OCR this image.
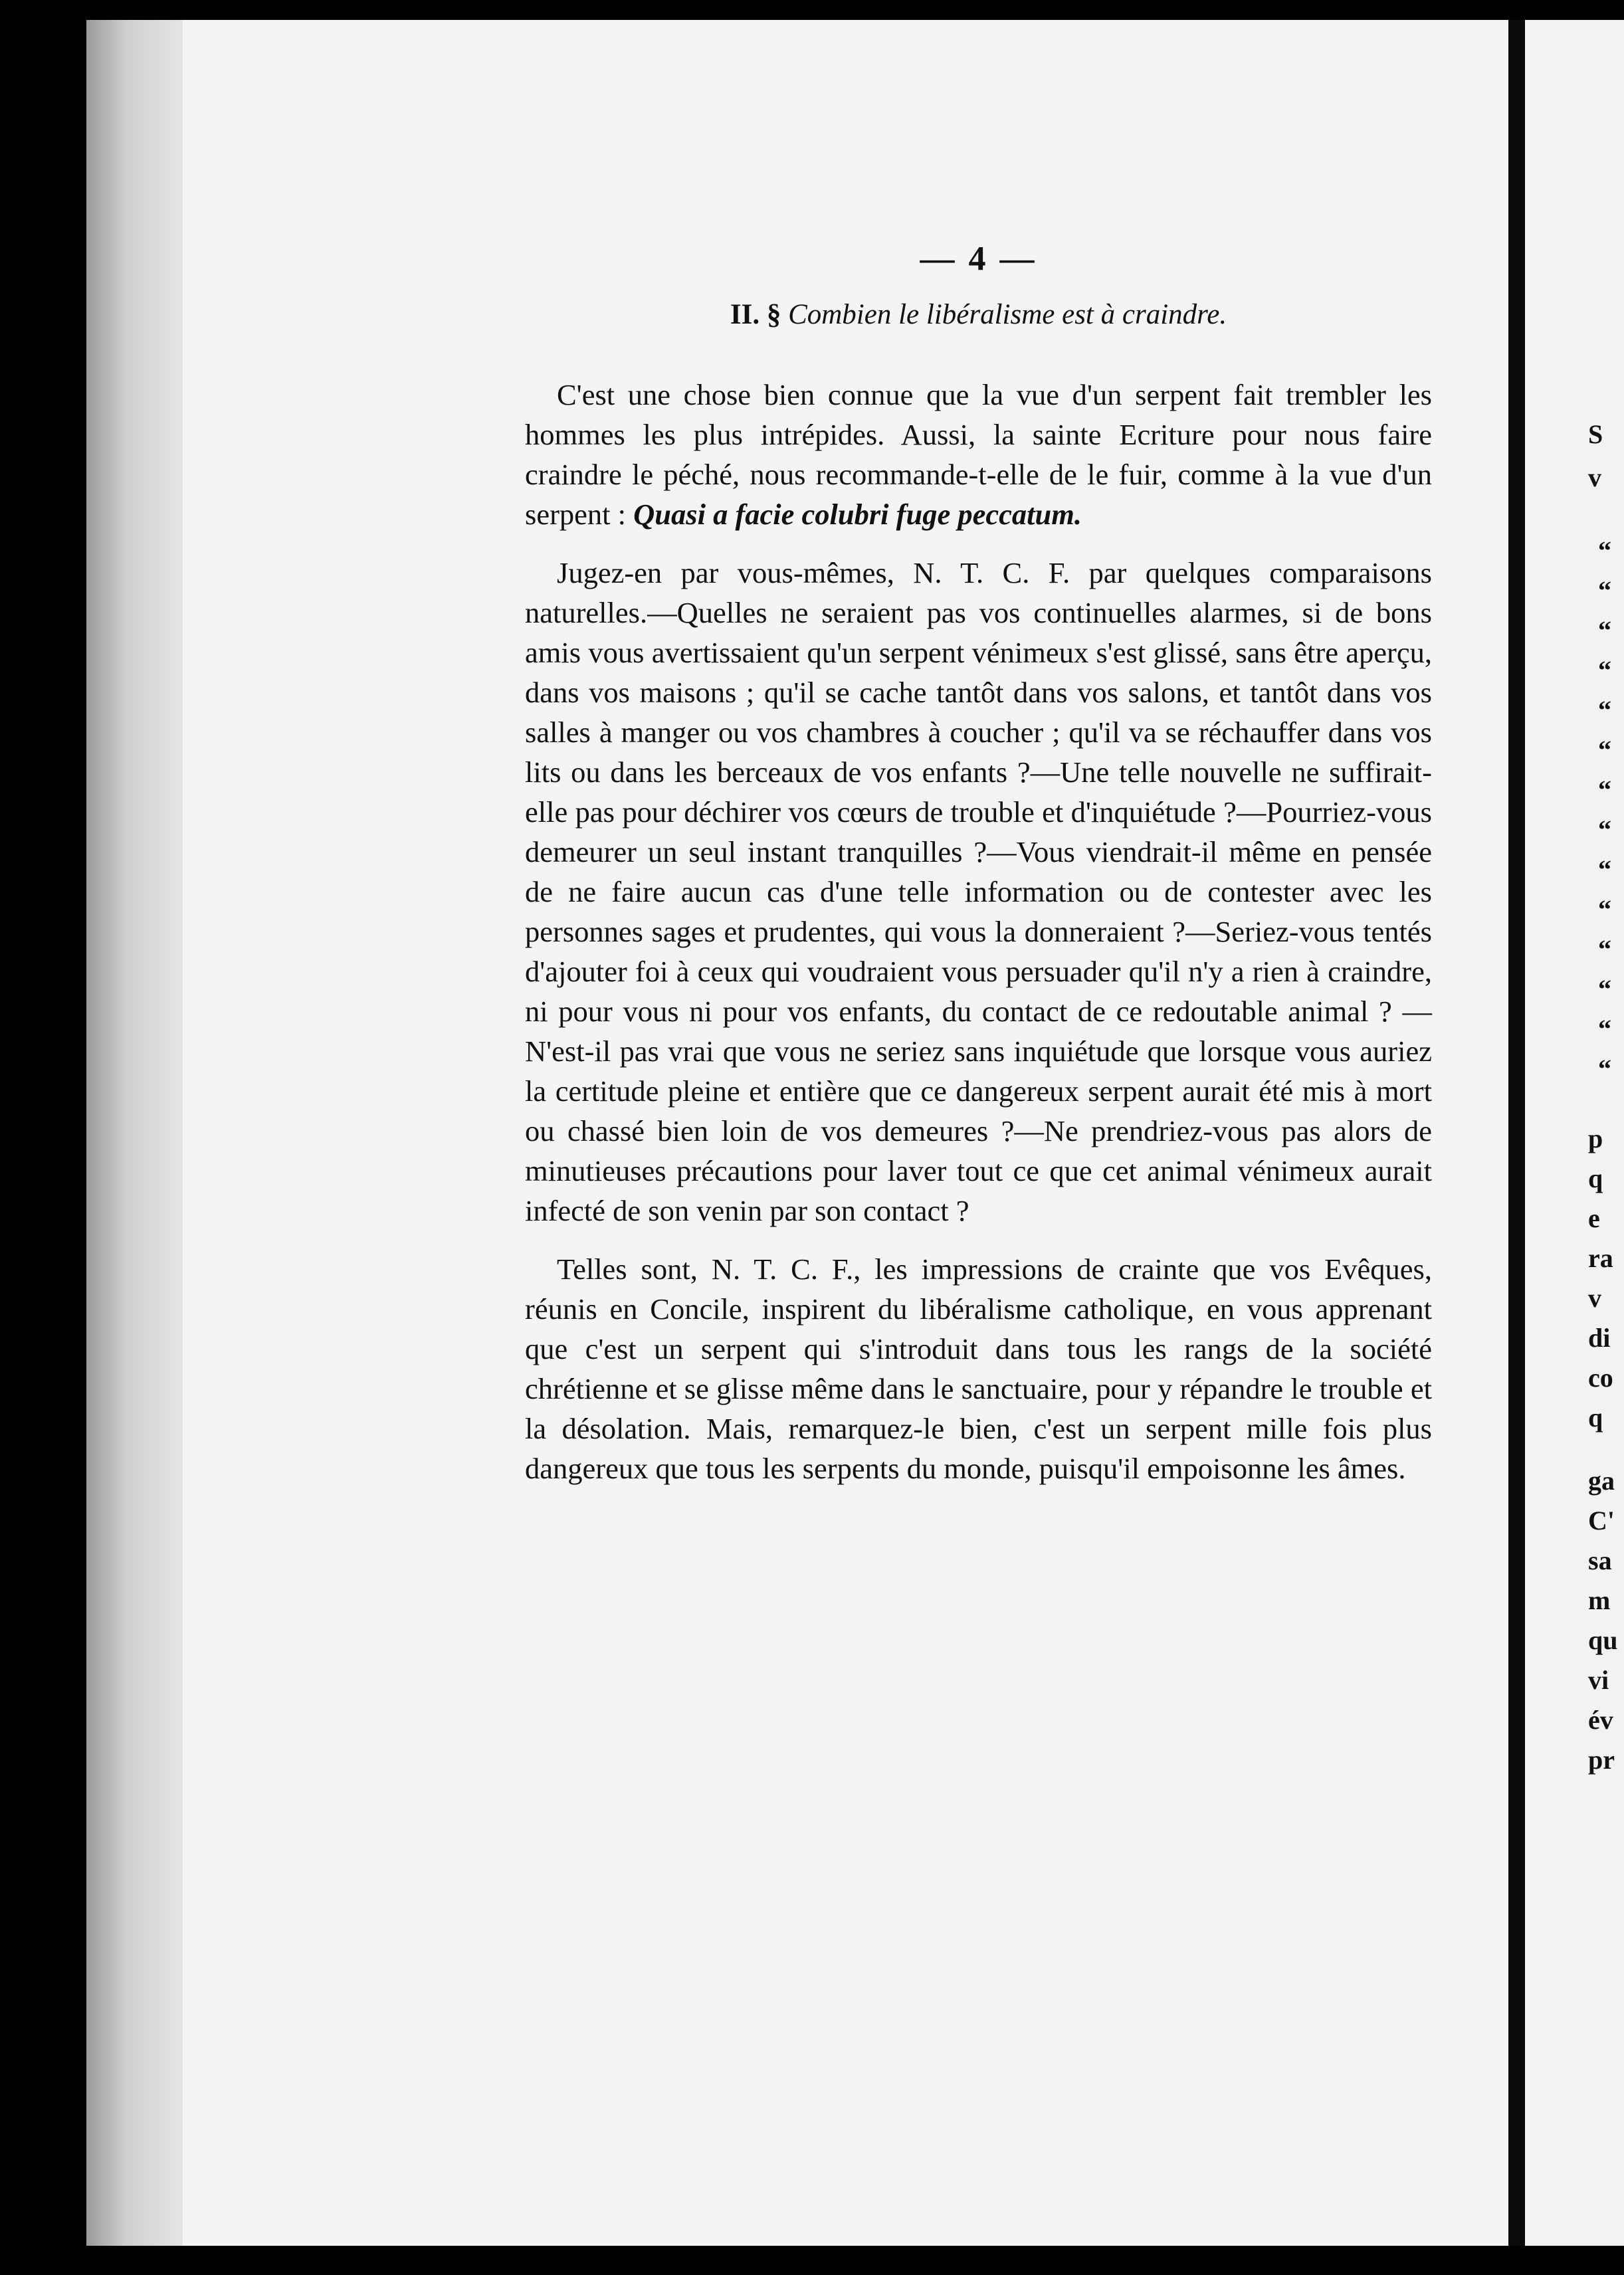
S
v
“
“
“
“
“
“
“
“
“
“
“
“
“
“
p
q
e
ra
v
di
co
q
ga
C'
sa
m
qu
vi
év
pr
— 4 —
II. § Combien le libéralisme est à craindre.

C'est une chose bien connue que la vue d'un serpent fait trembler les hommes les plus intrépides. Aussi, la sainte Ecriture pour nous faire craindre le péché, nous recommande-t-elle de le fuir, comme à la vue d'un serpent : Quasi a facie colubri fuge peccatum.

Jugez-en par vous-mêmes, N. T. C. F. par quelques comparaisons naturelles.—Quelles ne seraient pas vos continuelles alarmes, si de bons amis vous avertissaient qu'un serpent vénimeux s'est glissé, sans être aperçu, dans vos maisons ; qu'il se cache tantôt dans vos salons, et tantôt dans vos salles à manger ou vos chambres à coucher ; qu'il va se réchauffer dans vos lits ou dans les berceaux de vos enfants ?—Une telle nouvelle ne suffirait-elle pas pour déchirer vos cœurs de trouble et d'inquiétude ?—Pourriez-vous demeurer un seul instant tranquilles ?—Vous viendrait-il même en pensée de ne faire aucun cas d'une telle information ou de contester avec les personnes sages et prudentes, qui vous la donneraient ?—Seriez-vous tentés d'ajouter foi à ceux qui voudraient vous persuader qu'il n'y a rien à craindre, ni pour vous ni pour vos enfants, du contact de ce redoutable animal ? —N'est-il pas vrai que vous ne seriez sans inquiétude que lorsque vous auriez la certitude pleine et entière que ce dangereux serpent aurait été mis à mort ou chassé bien loin de vos demeures ?—Ne prendriez-vous pas alors de minutieuses précautions pour laver tout ce que cet animal vénimeux aurait infecté de son venin par son contact ?

Telles sont, N. T. C. F., les impressions de crainte que vos Evêques, réunis en Concile, inspirent du libéralisme catholique, en vous apprenant que c'est un serpent qui s'introduit dans tous les rangs de la société chrétienne et se glisse même dans le sanctuaire, pour y répandre le trouble et la désolation. Mais, remarquez-le bien, c'est un serpent mille fois plus dangereux que tous les serpents du monde, puisqu'il empoisonne les âmes.
